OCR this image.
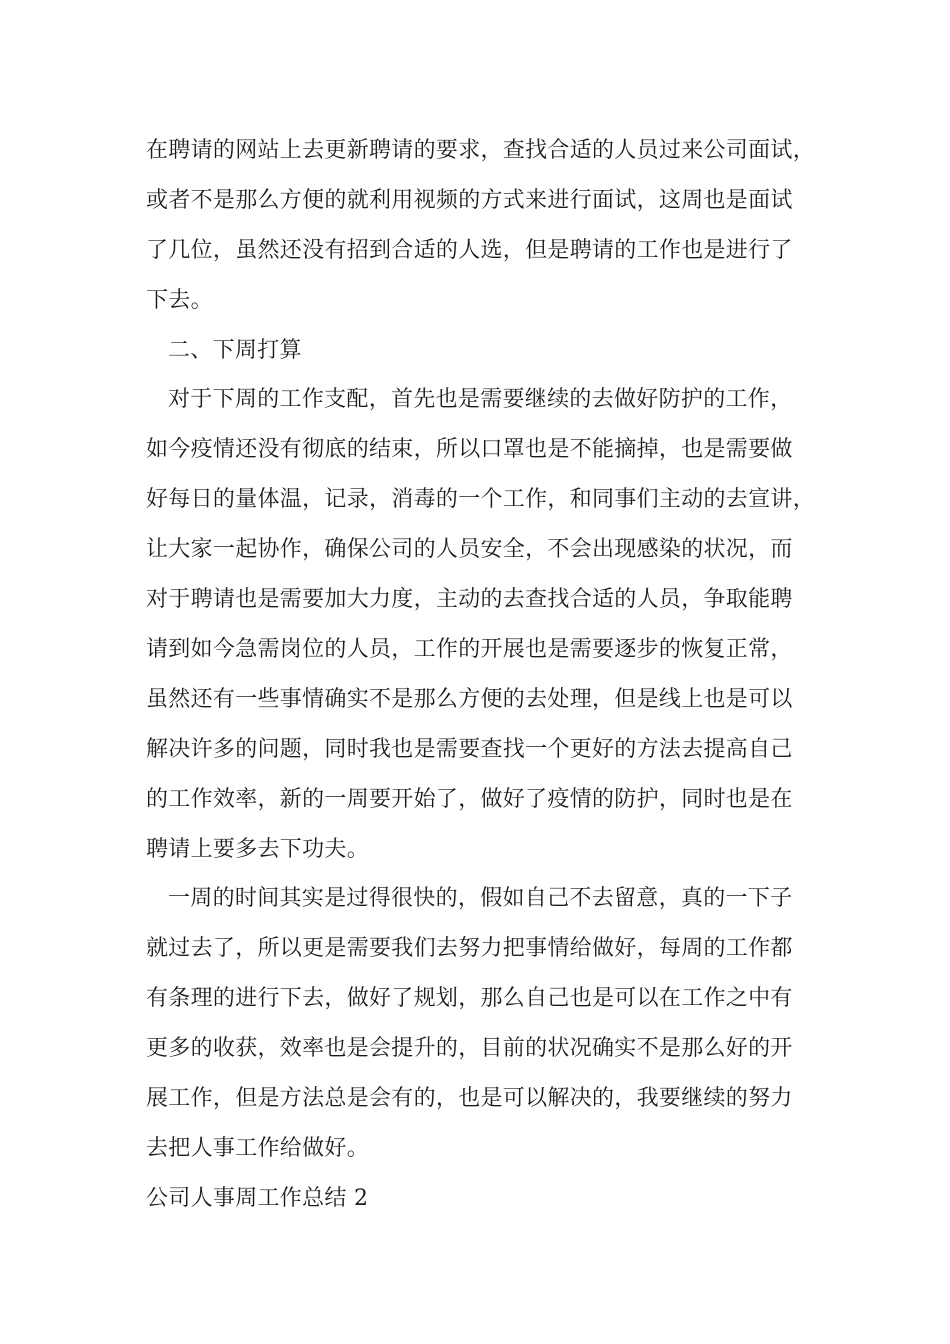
在聘请的网站上去更新聘请的要求，查找合适的人员过来公司面试，
或者不是那么方便的就利用视频的方式来进行面试，这周也是面试
了几位，虽然还没有招到合适的人选，但是聘请的工作也是进行了
下去。
二、下周打算
对于下周的工作支配，首先也是需要继续的去做好防护的工作，
如今疫情还没有彻底的结束，所以口罩也是不能摘掉，也是需要做
好每日的量体温，记录，消毒的一个工作，和同事们主动的去宣讲，
让大家一起协作，确保公司的人员安全，不会出现感染的状况，而
对于聘请也是需要加大力度，主动的去查找合适的人员，争取能聘
请到如今急需岗位的人员，工作的开展也是需要逐步的恢复正常，
虽然还有一些事情确实不是那么方便的去处理，但是线上也是可以
解决许多的问题，同时我也是需要查找一个更好的方法去提高自己
的工作效率，新的一周要开始了，做好了疫情的防护，同时也是在
聘请上要多去下功夫。
一周的时间其实是过得很快的，假如自己不去留意，真的一下子
就过去了，所以更是需要我们去努力把事情给做好，每周的工作都
有条理的进行下去，做好了规划，那么自己也是可以在工作之中有
更多的收获，效率也是会提升的，目前的状况确实不是那么好的开
展工作，但是方法总是会有的，也是可以解决的，我要继续的努力
去把人事工作给做好。
公司人事周工作总结 2
